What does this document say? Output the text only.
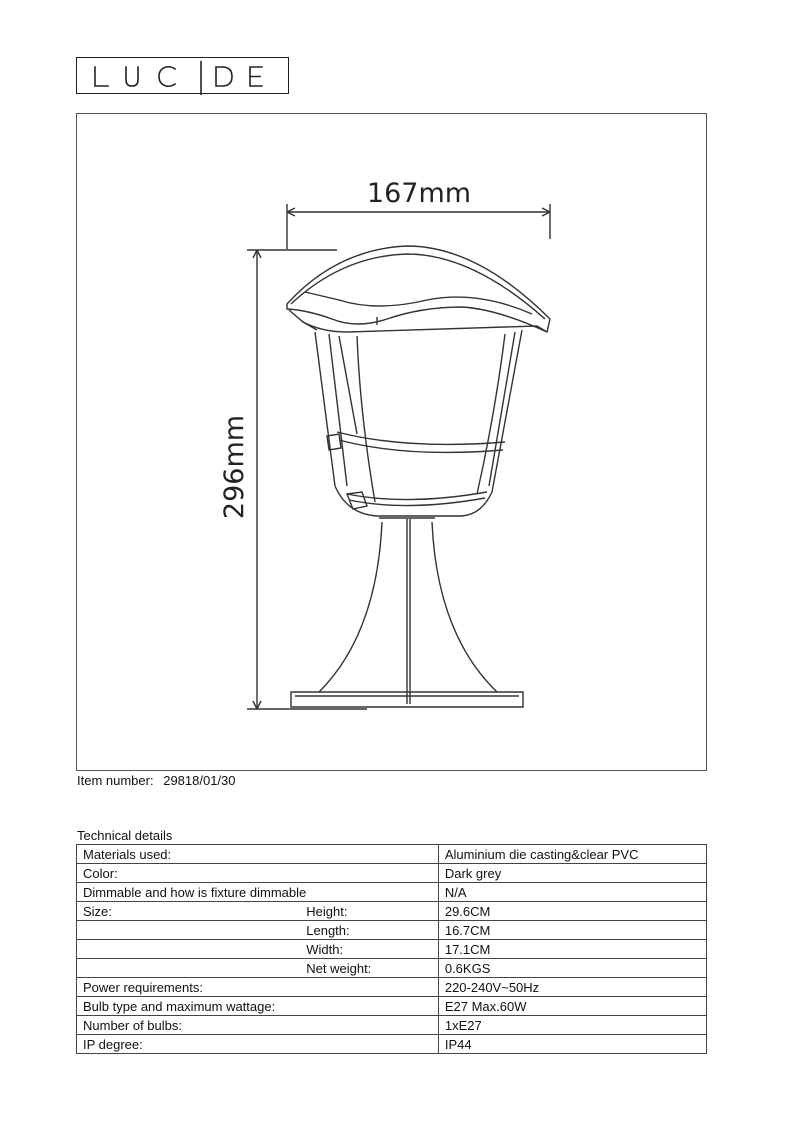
167mm
296mm
Item number: 29818/01/30
Technical details
Materials used:		Aluminium die casting&clear PVC
Color:		Dark grey
Dimmable and how is fixture dimmable		N/A
Size:	Height:	29.6CM
	Length:	16.7CM
	Width:	17.1CM
	Net weight:	0.6KGS
Power requirements:		220-240V~50Hz
Bulb type and maximum wattage:		E27 Max.60W
Number of bulbs:		1xE27
IP degree:		IP44
